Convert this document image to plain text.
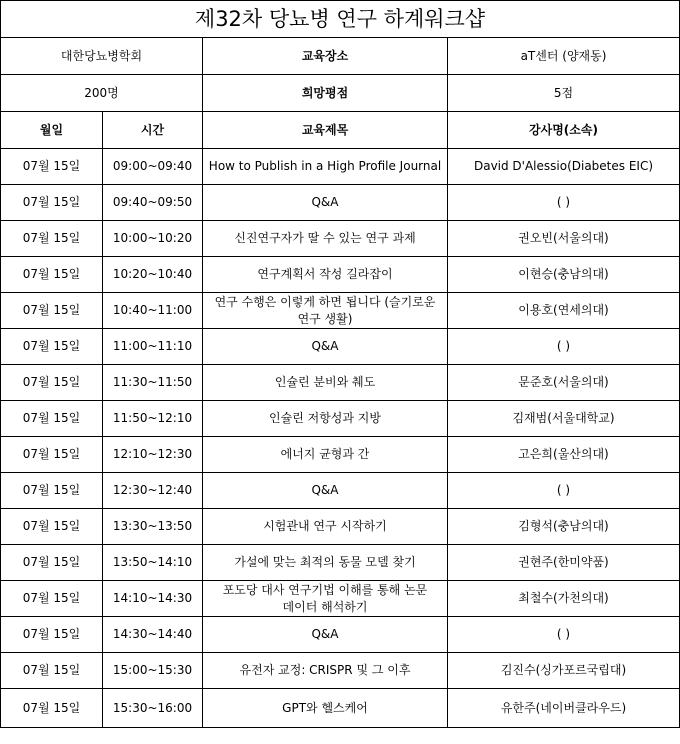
제32차 당뇨병 연구 하계워크샵			
대한당뇨병학회		교육장소	aT센터 (양재동)
200명		희망평점	5점
월일	시간	교육제목	강사명(소속)
07월 15일	09:00~09:40	How to Publish in a High Profile Journal	David D'Alessio(Diabetes EIC)
07월 15일	09:40~09:50	Q&A	( )
07월 15일	10:00~10:20	신진연구자가 딸 수 있는 연구 과제	권오빈(서울의대)
07월 15일	10:20~10:40	연구계획서 작성 길라잡이	이현승(충남의대)
07월 15일	10:40~11:00	연구 수행은 이렇게 하면 됩니다 (슬기로운 연구 생활)	이용호(연세의대)
07월 15일	11:00~11:10	Q&A	( )
07월 15일	11:30~11:50	인슐린 분비와 췌도	문준호(서울의대)
07월 15일	11:50~12:10	인슐린 저항성과 지방	김재범(서울대학교)
07월 15일	12:10~12:30	에너지 균형과 간	고은희(울산의대)
07월 15일	12:30~12:40	Q&A	( )
07월 15일	13:30~13:50	시험관내 연구 시작하기	김형석(충남의대)
07월 15일	13:50~14:10	가설에 맞는 최적의 동물 모델 찾기	권현주(한미약품)
07월 15일	14:10~14:30	포도당 대사 연구기법 이해를 통해 논문 데이터 해석하기	최철수(가천의대)
07월 15일	14:30~14:40	Q&A	( )
07월 15일	15:00~15:30	유전자 교정: CRISPR 및 그 이후	김진수(싱가포르국립대)
07월 15일	15:30~16:00	GPT와 헬스케어	유한주(네이버클라우드)
